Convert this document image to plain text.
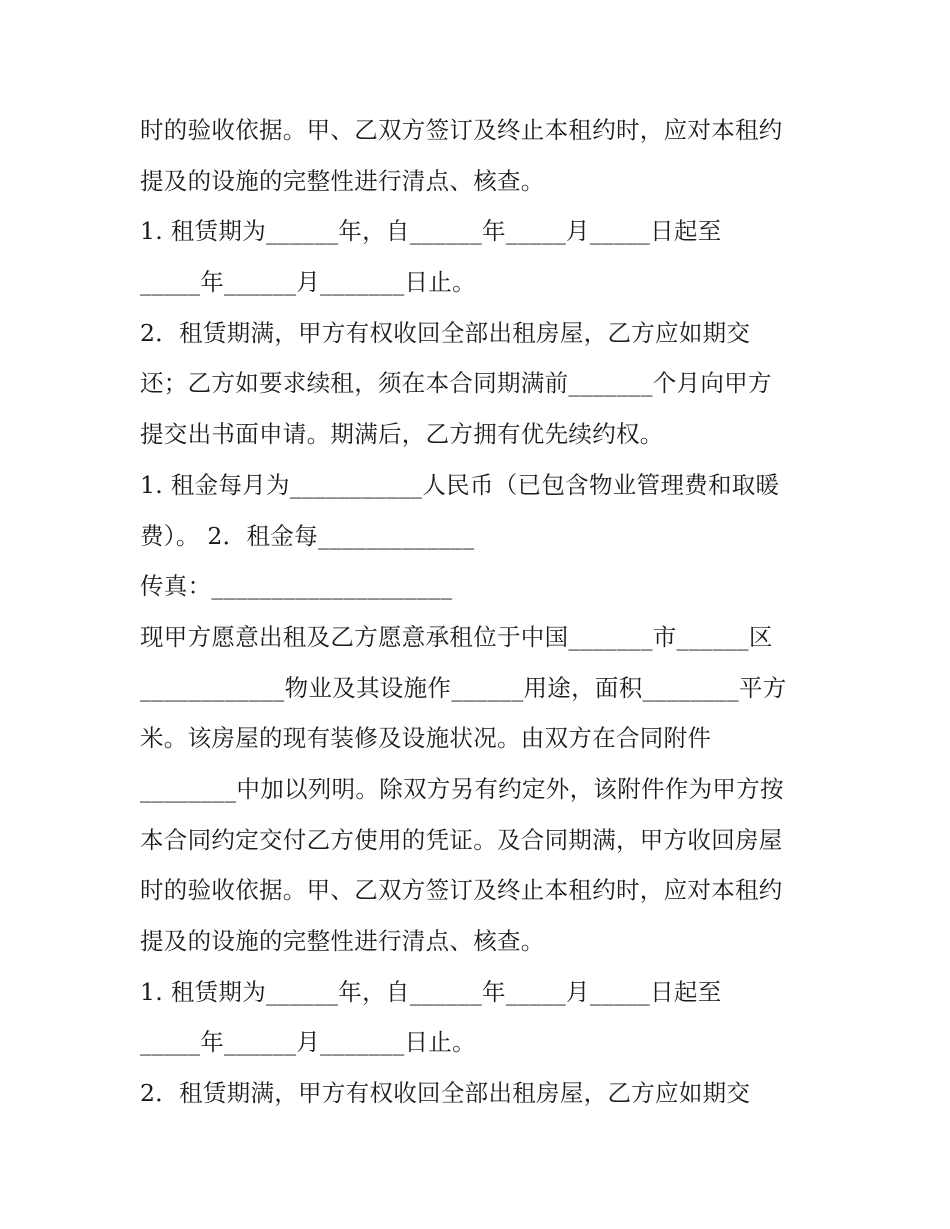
时的验收依据。甲、乙双方签订及终止本租约时，应对本租约
提及的设施的完整性进行清点、核查。
1. 租赁期为______年，自______年_____月_____日起至
_____年______月_______日止。
2．租赁期满，甲方有权收回全部出租房屋，乙方应如期交
还；乙方如要求续租，须在本合同期满前_______个月向甲方
提交出书面申请。期满后，乙方拥有优先续约权。
1. 租金每月为___________人民币（已包含物业管理费和取暖
费）。 2．租金每_____________
传真：____________________
现甲方愿意出租及乙方愿意承租位于中国_______市______区
____________物业及其设施作______用途，面积________平方
米。该房屋的现有装修及设施状况。由双方在合同附件
________中加以列明。除双方另有约定外，该附件作为甲方按
本合同约定交付乙方使用的凭证。及合同期满，甲方收回房屋
时的验收依据。甲、乙双方签订及终止本租约时，应对本租约
提及的设施的完整性进行清点、核查。
1. 租赁期为______年，自______年_____月_____日起至
_____年______月_______日止。
2．租赁期满，甲方有权收回全部出租房屋，乙方应如期交
